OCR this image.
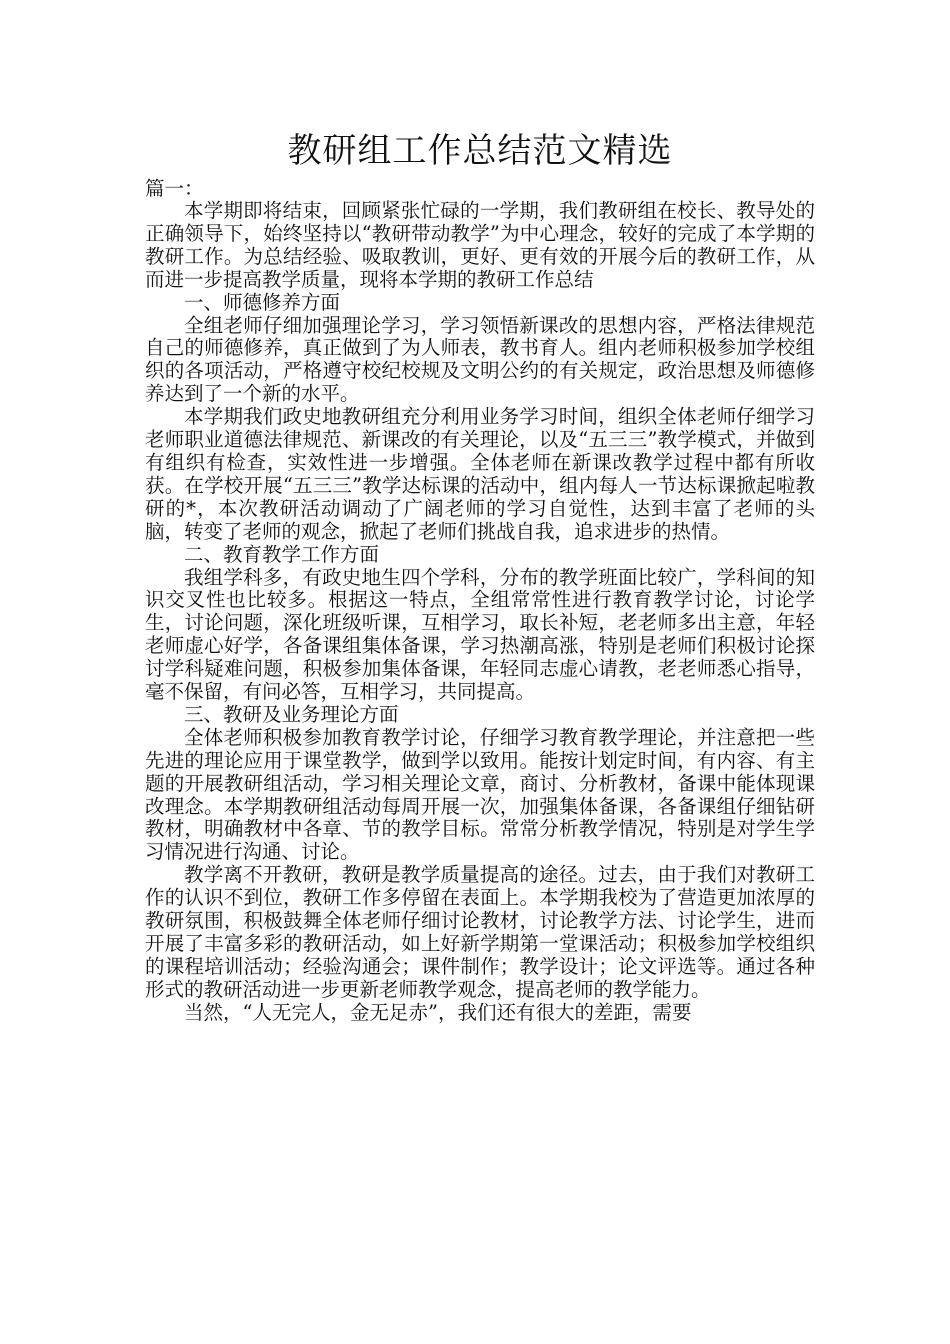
教研组工作总结范文精选

篇一：

本学期即将结束，回顾紧张忙碌的一学期，我们教研组在校长、教导处的正确领导下，始终坚持以“教研带动教学”为中心理念，较好的完成了本学期的教研工作。为总结经验、吸取教训，更好、更有效的开展今后的教研工作，从而进一步提高教学质量，现将本学期的教研工作总结

一、师德修养方面

全组老师仔细加强理论学习，学习领悟新课改的思想内容，严格法律规范自己的师德修养，真正做到了为人师表，教书育人。组内老师积极参加学校组织的各项活动，严格遵守校纪校规及文明公约的有关规定，政治思想及师德修养达到了一个新的水平。

本学期我们政史地教研组充分利用业务学习时间，组织全体老师仔细学习老师职业道德法律规范、新课改的有关理论，以及“五三三”教学模式，并做到有组织有检查，实效性进一步增强。全体老师在新课改教学过程中都有所收获。在学校开展“五三三”教学达标课的活动中，组内每人一节达标课掀起啦教研的*，本次教研活动调动了广阔老师的学习自觉性，达到丰富了老师的头脑，转变了老师的观念，掀起了老师们挑战自我，追求进步的热情。

二、教育教学工作方面

我组学科多，有政史地生四个学科，分布的教学班面比较广，学科间的知识交叉性也比较多。根据这一特点，全组常常性进行教育教学讨论，讨论学生，讨论问题，深化班级听课，互相学习，取长补短，老老师多出主意，年轻老师虚心好学，各备课组集体备课，学习热潮高涨，特别是老师们积极讨论探讨学科疑难问题，积极参加集体备课，年轻同志虚心请教，老老师悉心指导，毫不保留，有问必答，互相学习，共同提高。

三、教研及业务理论方面

全体老师积极参加教育教学讨论，仔细学习教育教学理论，并注意把一些先进的理论应用于课堂教学，做到学以致用。能按计划定时间，有内容、有主题的开展教研组活动，学习相关理论文章，商讨、分析教材，备课中能体现课改理念。本学期教研组活动每周开展一次，加强集体备课，各备课组仔细钻研教材，明确教材中各章、节的教学目标。常常分析教学情况，特别是对学生学习情况进行沟通、讨论。

教学离不开教研，教研是教学质量提高的途径。过去，由于我们对教研工作的认识不到位，教研工作多停留在表面上。本学期我校为了营造更加浓厚的教研氛围，积极鼓舞全体老师仔细讨论教材，讨论教学方法、讨论学生，进而开展了丰富多彩的教研活动，如上好新学期第一堂课活动；积极参加学校组织的课程培训活动；经验沟通会；课件制作；教学设计；论文评选等。通过各种形式的教研活动进一步更新老师教学观念，提高老师的教学能力。

当然，“人无完人，金无足赤”，我们还有很大的差距，需要
